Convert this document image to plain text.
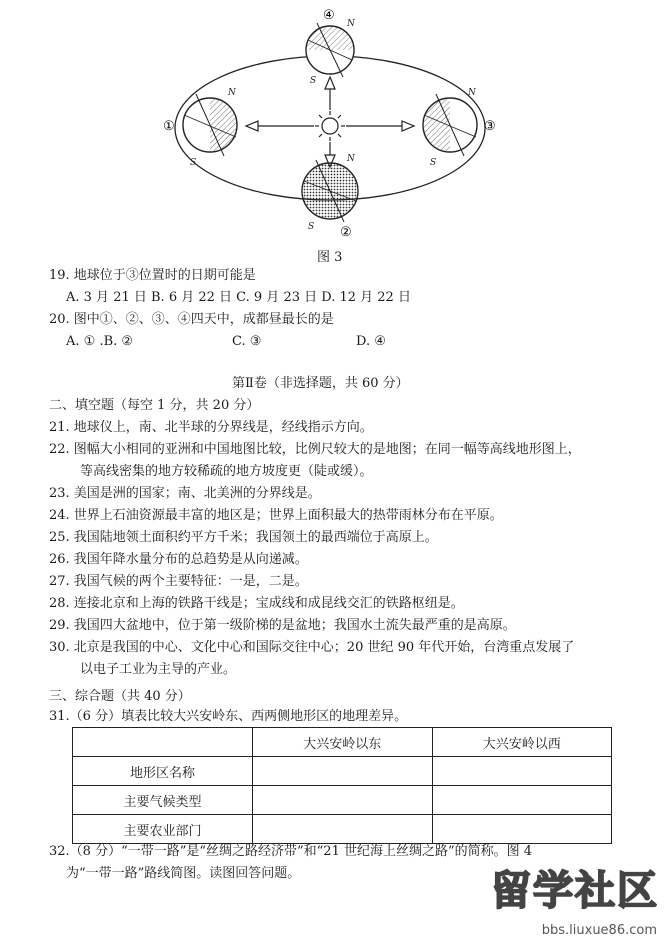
④
①	③
②
N
S
N
S
N
S
N
S
图 3
19. 地球位于③位置时的日期可能是
A. 3 月 21 日 B. 6 月 22 日 C. 9 月 23 日 D. 12 月 22 日
20. 图中①、②、③、④四天中，成都昼最长的是
A. ① .B. ②	C. ③	D. ④
第Ⅱ卷（非选择题，共 60 分）
二、填空题（每空 1 分，共 20 分）
21. 地球仪上，南、北半球的分界线是，经线指示方向。
22. 图幅大小相同的亚洲和中国地图比较，比例尺较大的是地图；在同一幅等高线地形图上，
等高线密集的地方较稀疏的地方坡度更（陡或缓）。
23. 美国是洲的国家；南、北美洲的分界线是。
24. 世界上石油资源最丰富的地区是；世界上面积最大的热带雨林分布在平原。
25. 我国陆地领土面积约平方千米；我国领土的最西端位于高原上。
26. 我国年降水量分布的总趋势是从向递减。
27. 我国气候的两个主要特征：一是，二是。
28. 连接北京和上海的铁路干线是；宝成线和成昆线交汇的铁路枢纽是。
29. 我国四大盆地中，位于第一级阶梯的是盆地；我国水土流失最严重的是高原。
30. 北京是我国的中心、文化中心和国际交往中心；20 世纪 90 年代开始，台湾重点发展了
以电子工业为主导的产业。
三、综合题（共 40 分）
31.（6 分）填表比较大兴安岭东、西两侧地形区的地理差异。
	大兴安岭以东	大兴安岭以西
地形区名称		
主要气候类型		
主要农业部门		
32.（8 分）“一带一路”是“丝绸之路经济带”和“21 世纪海上丝绸之路”的简称。图 4
为“一带一路”路线简图。读图回答问题。	留学社区
bbs.liuxue86.com
